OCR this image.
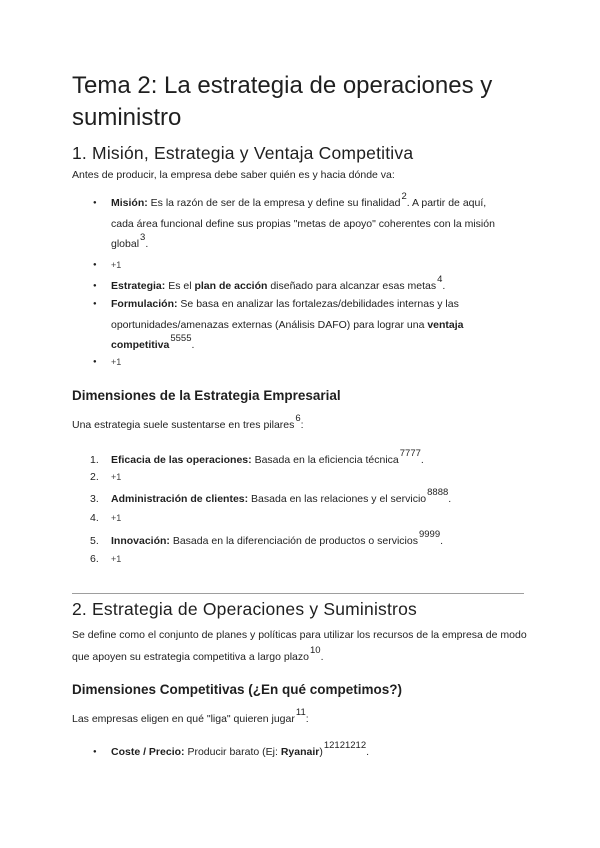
Tema 2: La estrategia de operaciones y suministro
1. Misión, Estrategia y Ventaja Competitiva

Antes de producir, la empresa debe saber quién es y hacia dónde va:

●

Misión: Es la razón de ser de la empresa y define su finalidad$^2$. A partir de aquí, cada área funcional define sus propias "metas de apoyo" coherentes con la misión global$^3$.

●
+1
●

Estrategia: Es el plan de acción diseñado para alcanzar esas metas$^4$.

●

Formulación: Se basa en analizar las fortalezas/debilidades internas y las oportunidades/amenazas externas (Análisis DAFO) para lograr una ventaja competitiva$^{5555}$.

●
+1
Dimensiones de la Estrategia Empresarial

Una estrategia suele sustentarse en tres pilares$^6$:

1.	Eficacia de las operaciones: Basada en la eficiencia técnica$^{7777}$.

2.	+1
3.	Administración de clientes: Basada en las relaciones y el servicio$^{8888}$.

4.	+1
5.	Innovación: Basada en la diferenciación de productos o servicios$^{9999}$.

6.	+1
2. Estrategia de Operaciones y Suministros

Se define como el conjunto de planes y políticas para utilizar los recursos de la empresa de modo que apoyen su estrategia competitiva a largo plazo$^{10}$.

Dimensiones Competitivas (¿En qué competimos?)

Las empresas eligen en qué "liga" quieren jugar$^{11}$:

●

Coste / Precio: Producir barato (Ej: Ryanair)$^{12121212}$.
